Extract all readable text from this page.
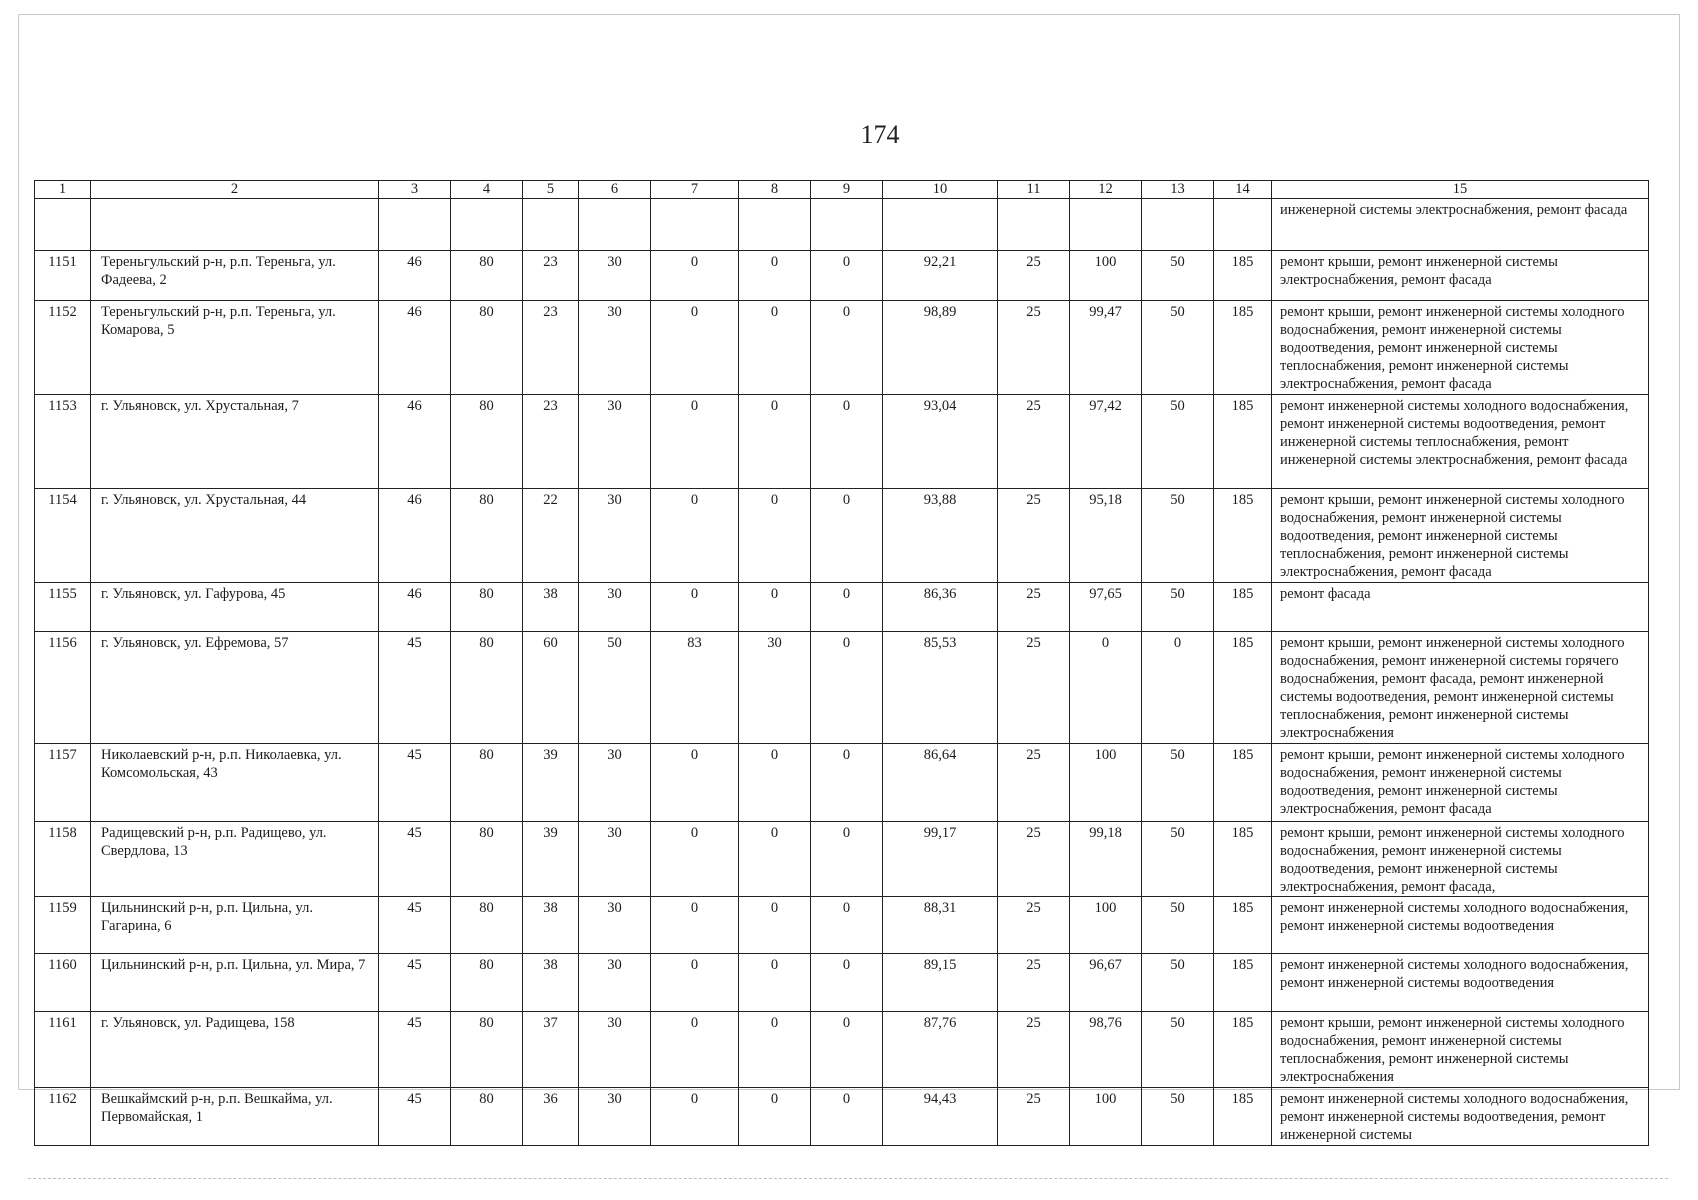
174
1	2	3	4	5	6	7	8	9	10	11	12	13	14	15
														инженерной системы электроснабжения, ремонт фасада
1151	Тереньгульский р-н, р.п. Тереньга, ул. Фадеева, 2	46	80	23	30	0	0	0	92,21	25	100	50	185	ремонт крыши, ремонт инженерной системы электроснабжения, ремонт фасада
1152	Тереньгульский р-н, р.п. Тереньга, ул. Комарова, 5	46	80	23	30	0	0	0	98,89	25	99,47	50	185	ремонт крыши, ремонт инженерной системы холодного водоснабжения, ремонт инженерной системы водоотведения, ремонт инженерной системы теплоснабжения, ремонт инженерной системы электроснабжения, ремонт фасада
1153	г. Ульяновск, ул. Хрустальная, 7	46	80	23	30	0	0	0	93,04	25	97,42	50	185	ремонт инженерной системы холодного водоснабжения, ремонт инженерной системы водоотведения, ремонт инженерной системы теплоснабжения, ремонт инженерной системы электроснабжения, ремонт фасада
1154	г. Ульяновск, ул. Хрустальная, 44	46	80	22	30	0	0	0	93,88	25	95,18	50	185	ремонт крыши, ремонт инженерной системы холодного водоснабжения, ремонт инженерной системы водоотведения, ремонт инженерной системы теплоснабжения, ремонт инженерной системы электроснабжения, ремонт фасада
1155	г. Ульяновск, ул. Гафурова, 45	46	80	38	30	0	0	0	86,36	25	97,65	50	185	ремонт фасада
1156	г. Ульяновск, ул. Ефремова, 57	45	80	60	50	83	30	0	85,53	25	0	0	185	ремонт крыши, ремонт инженерной системы холодного водоснабжения, ремонт инженерной системы горячего водоснабжения, ремонт фасада, ремонт инженерной системы водоотведения, ремонт инженерной системы теплоснабжения, ремонт инженерной системы электроснабжения
1157	Николаевский р-н, р.п. Николаевка, ул. Комсомольская, 43	45	80	39	30	0	0	0	86,64	25	100	50	185	ремонт крыши, ремонт инженерной системы холодного водоснабжения, ремонт инженерной системы водоотведения, ремонт инженерной системы электроснабжения, ремонт фасада
1158	Радищевский р-н, р.п. Радищево, ул. Свердлова, 13	45	80	39	30	0	0	0	99,17	25	99,18	50	185	ремонт крыши, ремонт инженерной системы холодного водоснабжения, ремонт инженерной системы водоотведения, ремонт инженерной системы электроснабжения, ремонт фасада,
1159	Цильнинский р-н, р.п. Цильна, ул. Гагарина, 6	45	80	38	30	0	0	0	88,31	25	100	50	185	ремонт инженерной системы холодного водоснабжения, ремонт инженерной системы водоотведения
1160	Цильнинский р-н, р.п. Цильна, ул. Мира, 7	45	80	38	30	0	0	0	89,15	25	96,67	50	185	ремонт инженерной системы холодного водоснабжения, ремонт инженерной системы водоотведения
1161	г. Ульяновск, ул. Радищева, 158	45	80	37	30	0	0	0	87,76	25	98,76	50	185	ремонт крыши, ремонт инженерной системы холодного водоснабжения, ремонт инженерной системы теплоснабжения, ремонт инженерной системы электроснабжения
1162	Вешкаймский р-н, р.п. Вешкайма, ул. Первомайская, 1	45	80	36	30	0	0	0	94,43	25	100	50	185	ремонт инженерной системы холодного водоснабжения, ремонт инженерной системы водоотведения, ремонт инженерной системы
